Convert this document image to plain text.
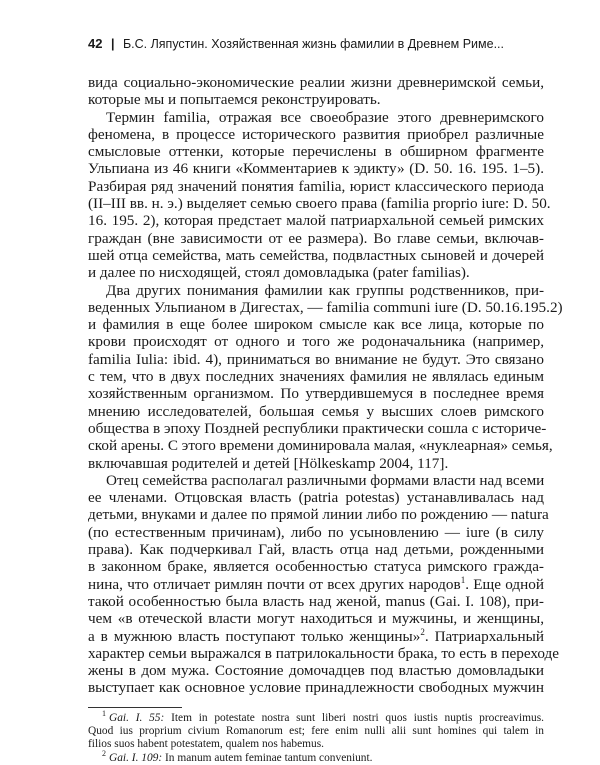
42 | Б.С. Ляпустин. Хозяйственная жизнь фамилии в Древнем Риме...
вида социально-экономические реалии жизни древнеримской семьи,
которые мы и попытаемся реконструировать.
Термин familia, отражая все своеобразие этого древнеримского
феномена, в процессе исторического развития приобрел различные
смысловые оттенки, которые перечислены в обширном фрагменте
Ульпиана из 46 книги «Комментариев к эдикту» (D. 50. 16. 195. 1–5).
Разбирая ряд значений понятия familia, юрист классического периода
(II–III вв. н. э.) выделяет семью своего права (familia proprio iure: D. 50.
16. 195. 2), которая предстает малой патриархальной семьей римских
граждан (вне зависимости от ее размера). Во главе семьи, включав-
шей отца семейства, мать семейства, подвластных сыновей и дочерей
и далее по нисходящей, стоял домовладыка (pater familias).
Два других понимания фамилии как группы родственников, при-
веденных Ульпианом в Дигестах, — familia communi iure (D. 50.16.195.2)
и фамилия в еще более широком смысле как все лица, которые по
крови происходят от одного и того же родоначальника (например,
familia Iulia: ibid. 4), приниматься во внимание не будут. Это связано
с тем, что в двух последних значениях фамилия не являлась единым
хозяйственным организмом. По утвердившемуся в последнее время
мнению исследователей, большая семья у высших слоев римского
общества в эпоху Поздней республики практически сошла с историче-
ской арены. С этого времени доминировала малая, «нуклеарная» семья,
включавшая родителей и детей [Hölkeskamp 2004, 117].
Отец семейства располагал различными формами власти над всеми
ее членами. Отцовская власть (patria potestas) устанавливалась над
детьми, внуками и далее по прямой линии либо по рождению — natura
(по естественным причинам), либо по усыновлению — iure (в силу
права). Как подчеркивал Гай, власть отца над детьми, рожденными
в законном браке, является особенностью статуса римского гражда-
нина, что отличает римлян почти от всех других народов$^1$. Еще одной
такой особенностью была власть над женой, manus (Gai. I. 108), при-
чем «в отеческой власти могут находиться и мужчины, и женщины,
а в мужнюю власть поступают только женщины»$^2$. Патриархальный
характер семьи выражался в патрилокальности брака, то есть в переходе
жены в дом мужа. Состояние домочадцев под властью домовладыки
выступает как основное условие принадлежности свободных мужчин
$^1$ Gai. I. 55: Item in potestate nostra sunt liberi nostri quos iustis nuptis procreavimus.
Quod ius proprium civium Romanorum est; fere enim nulli alii sunt homines qui talem in
filios suos habent potestatem, qualem nos habemus.
$^2$ Gai. I. 109: In manum autem feminae tantum conveniunt.
